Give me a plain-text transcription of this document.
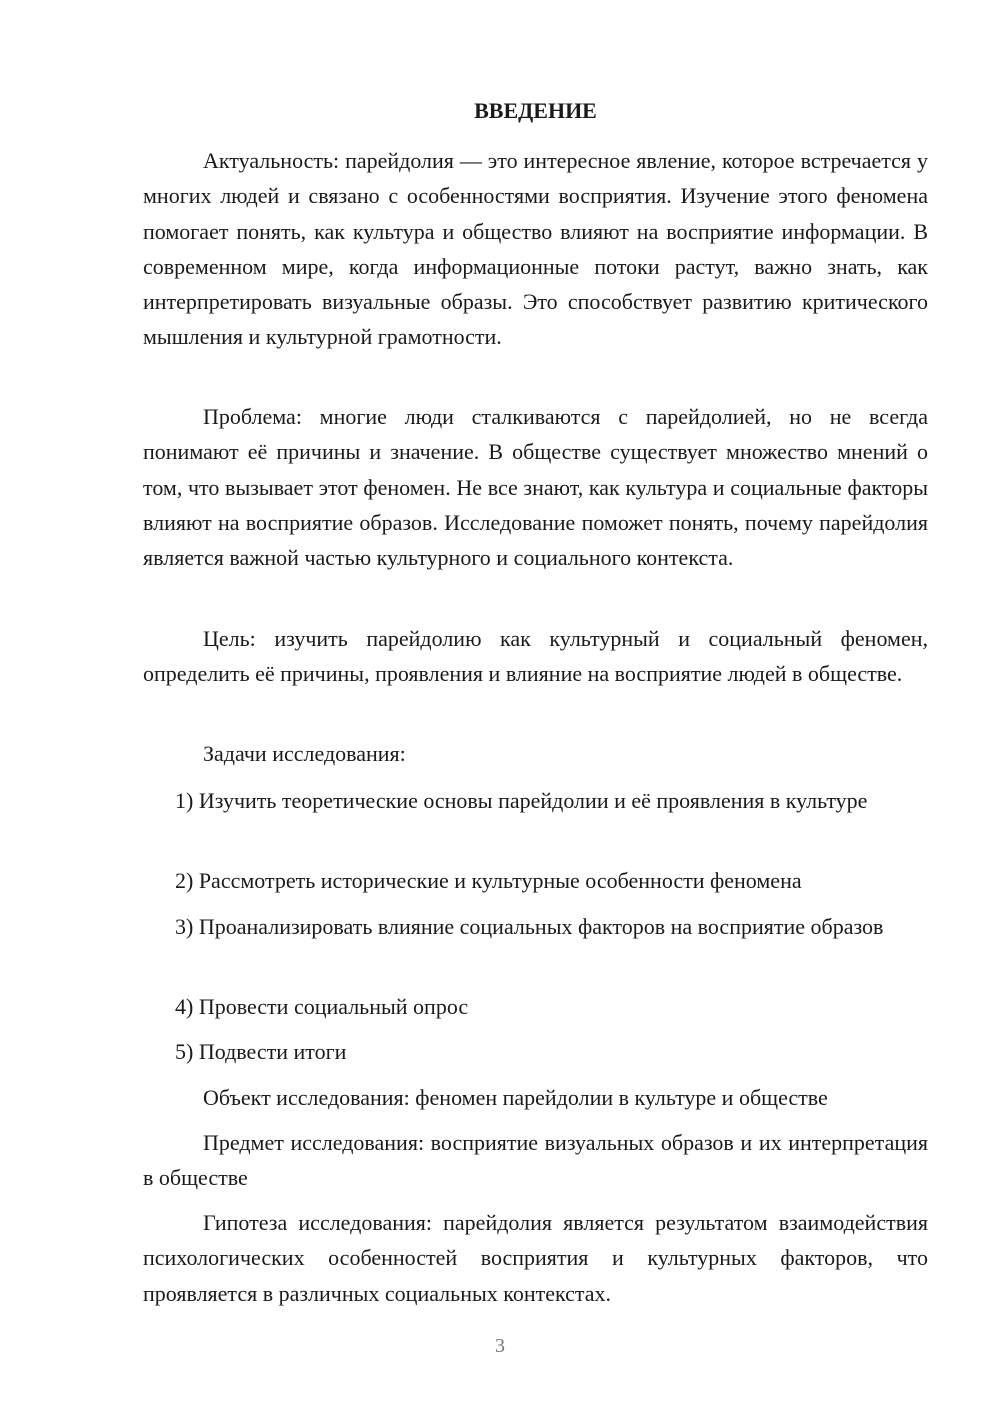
ВВЕДЕНИЕ

Актуальность: парейдолия — это интересное явление, которое встречается у многих людей и связано с особенностями восприятия. Изучение этого феномена помогает понять, как культура и общество влияют на восприятие информации. В современном мире, когда информационные потоки растут, важно знать, как интерпретировать визуальные образы. Это способствует развитию критического мышления и культурной грамотности.

Проблема: многие люди сталкиваются с парейдолией, но не всегда понимают её причины и значение. В обществе существует множество мнений о том, что вызывает этот феномен. Не все знают, как культура и социальные факторы влияют на восприятие образов. Исследование поможет понять, почему парейдолия является важной частью культурного и социального контекста.

Цель: изучить парейдолию как культурный и социальный феномен, определить её причины, проявления и влияние на восприятие людей в обществе.

Задачи исследования:

1) Изучить теоретические основы парейдолии и её проявления в культуре

2) Рассмотреть исторические и культурные особенности феномена

3) Проанализировать влияние социальных факторов на восприятие образов

4) Провести социальный опрос

5) Подвести итоги

Объект исследования: феномен парейдолии в культуре и обществе

Предмет исследования: восприятие визуальных образов и их интерпретация в обществе

Гипотеза исследования: парейдолия является результатом взаимодействия психологических особенностей восприятия и культурных факторов, что проявляется в различных социальных контекстах.

3
